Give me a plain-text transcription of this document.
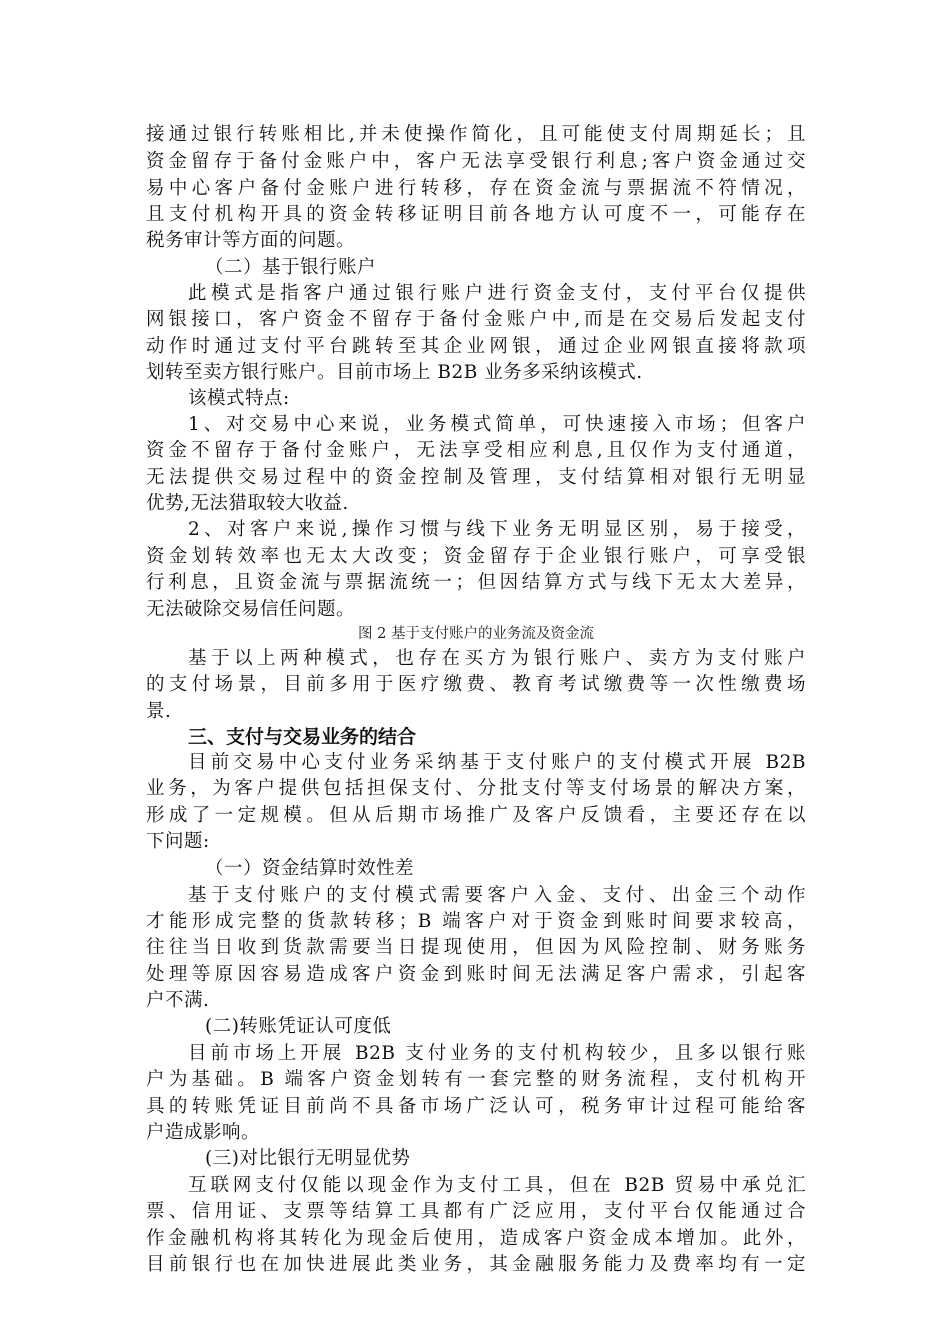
接通过银行转账相比,并未使操作简化，且可能使支付周期延长；且
资金留存于备付金账户中，客户无法享受银行利息;客户资金通过交
易中心客户备付金账户进行转移，存在资金流与票据流不符情况，
且支付机构开具的资金转移证明目前各地方认可度不一，可能存在
税务审计等方面的问题。
（二）基于银行账户
此模式是指客户通过银行账户进行资金支付，支付平台仅提供
网银接口，客户资金不留存于备付金账户中,而是在交易后发起支付
动作时通过支付平台跳转至其企业网银，通过企业网银直接将款项
划转至卖方银行账户。目前市场上 B2B 业务多采纳该模式.
该模式特点:
1、对交易中心来说，业务模式简单，可快速接入市场；但客户
资金不留存于备付金账户，无法享受相应利息,且仅作为支付通道，
无法提供交易过程中的资金控制及管理，支付结算相对银行无明显
优势,无法猎取较大收益.
2、对客户来说,操作习惯与线下业务无明显区别，易于接受，
资金划转效率也无太大改变；资金留存于企业银行账户，可享受银
行利息，且资金流与票据流统一；但因结算方式与线下无太大差异，
无法破除交易信任问题。
图 2 基于支付账户的业务流及资金流
基于以上两种模式，也存在买方为银行账户、卖方为支付账户
的支付场景，目前多用于医疗缴费、教育考试缴费等一次性缴费场
景.
三、支付与交易业务的结合
目前交易中心支付业务采纳基于支付账户的支付模式开展 B2B
业务，为客户提供包括担保支付、分批支付等支付场景的解决方案，
形成了一定规模。但从后期市场推广及客户反馈看，主要还存在以
下问题:
（一）资金结算时效性差
基于支付账户的支付模式需要客户入金、支付、出金三个动作
才能形成完整的货款转移；B 端客户对于资金到账时间要求较高，
往往当日收到货款需要当日提现使用，但因为风险控制、财务账务
处理等原因容易造成客户资金到账时间无法满足客户需求，引起客
户不满.
(二)转账凭证认可度低
目前市场上开展 B2B 支付业务的支付机构较少，且多以银行账
户为基础。B 端客户资金划转有一套完整的财务流程，支付机构开
具的转账凭证目前尚不具备市场广泛认可，税务审计过程可能给客
户造成影响。
(三)对比银行无明显优势
互联网支付仅能以现金作为支付工具，但在 B2B 贸易中承兑汇
票、信用证、支票等结算工具都有广泛应用，支付平台仅能通过合
作金融机构将其转化为现金后使用，造成客户资金成本增加。此外，
目前银行也在加快进展此类业务，其金融服务能力及费率均有一定
